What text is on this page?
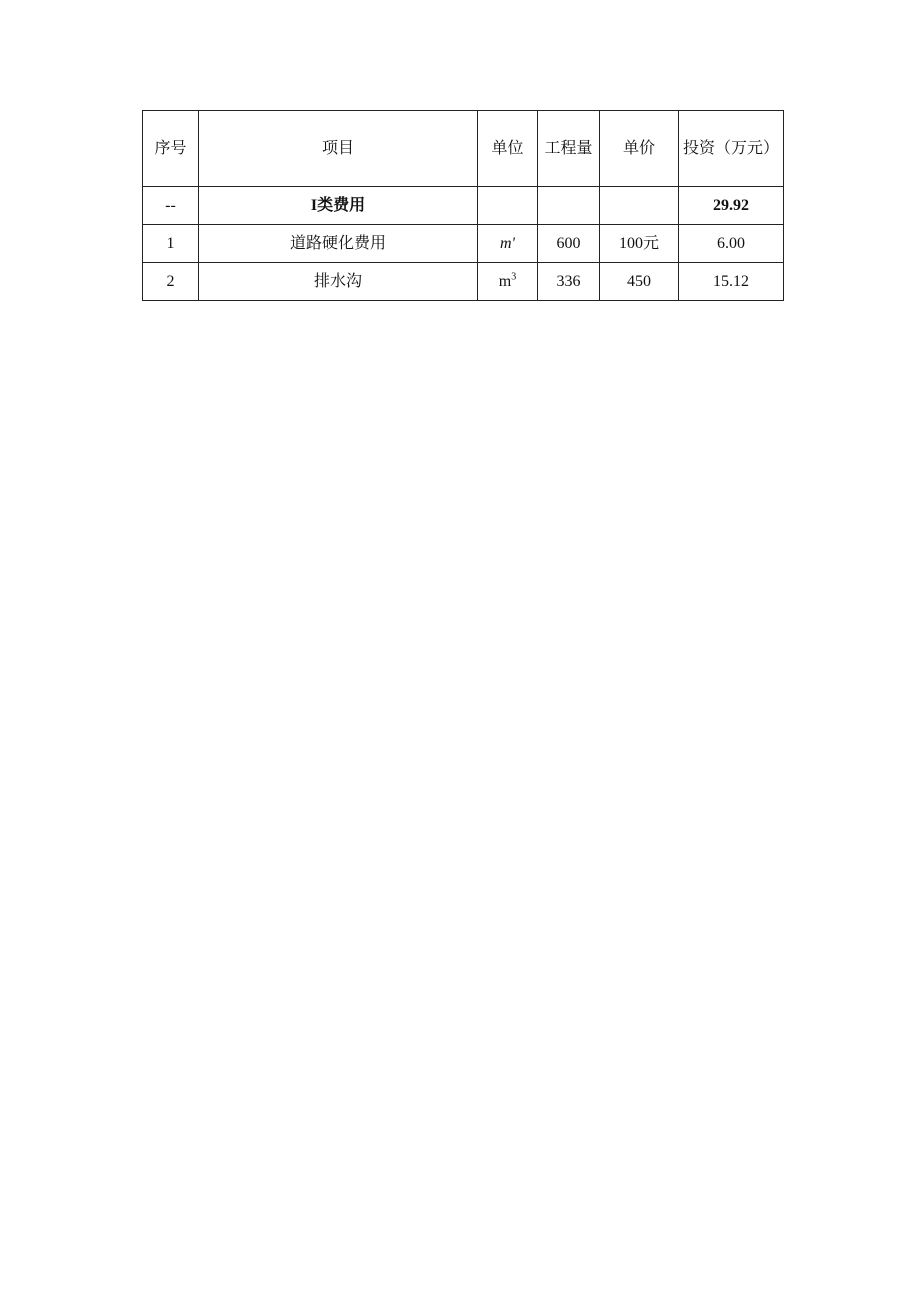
序号	项目	单位	工程量	单价	投资（万元）
--	I类费用				29.92
1	道路硬化费用	m'	600	100元	6.00
2	排水沟	$m^3$	336	450	15.12
